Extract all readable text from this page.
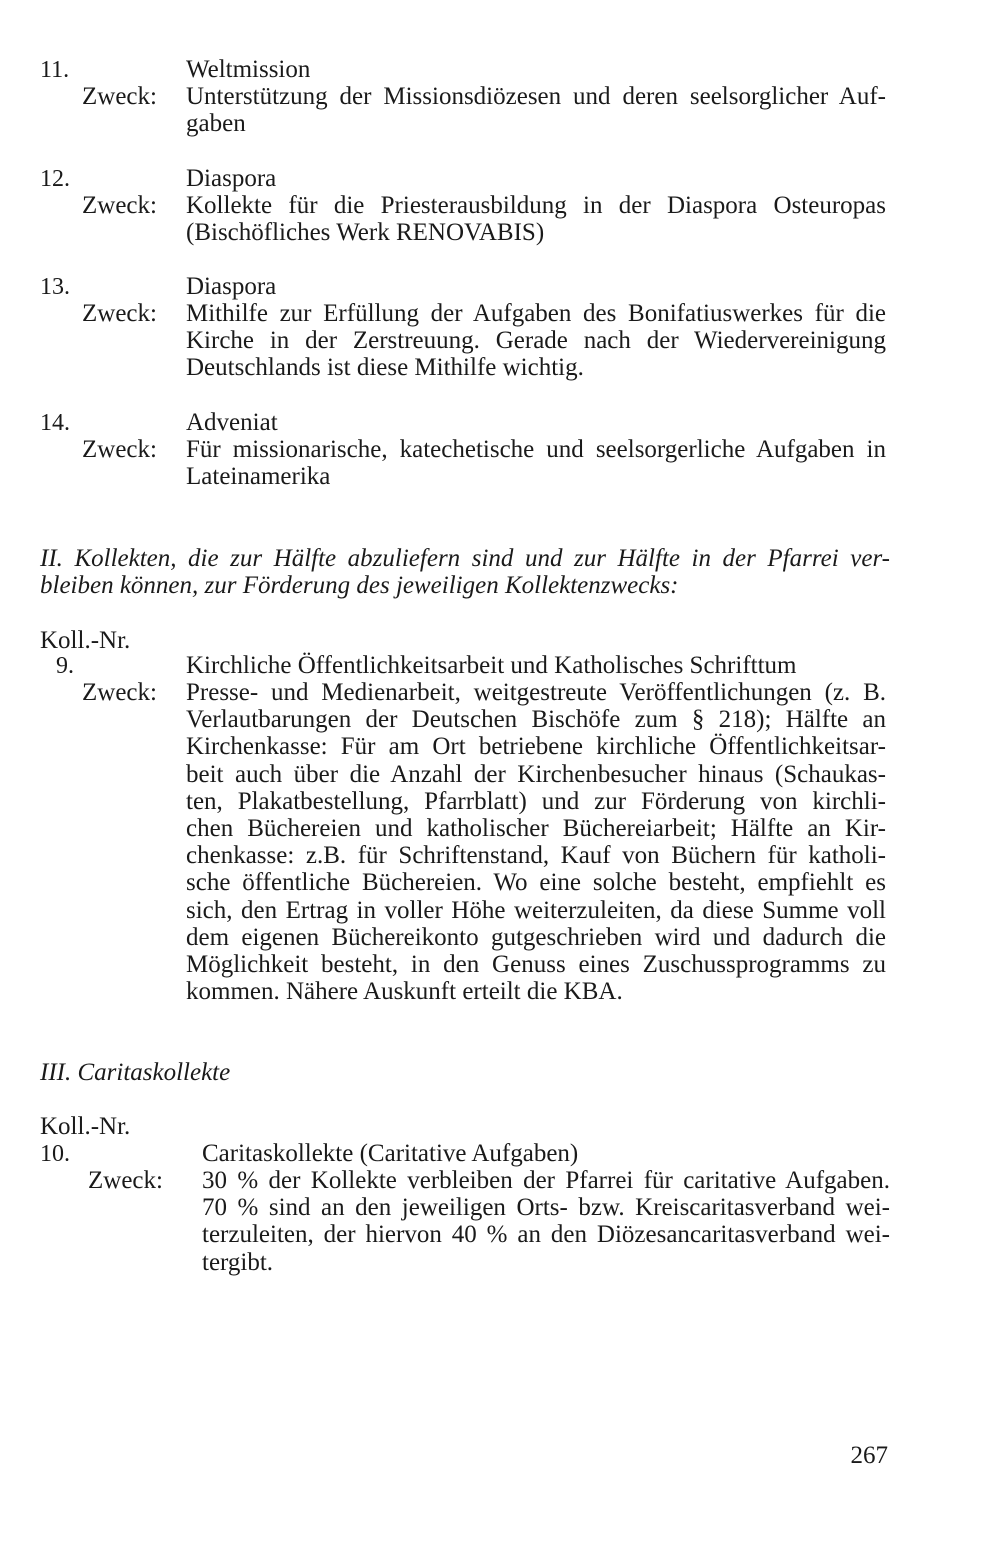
11.	Weltmission
Zweck: Unterstützung der Missionsdiözesen und deren seelsorglicher Auf-
gaben
12.	Diaspora
Zweck: Kollekte für die Priesterausbildung in der Diaspora Osteuropas
(Bischöfliches Werk RENOVABIS)
13.	Diaspora
Zweck: Mithilfe zur Erfüllung der Aufgaben des Bonifatiuswerkes für die
Kirche in der Zerstreuung. Gerade nach der Wiedervereinigung
Deutschlands ist diese Mithilfe wichtig.
14.	Adveniat
Zweck: Für missionarische, katechetische und seelsorgerliche Aufgaben in
Lateinamerika
II. Kollekten, die zur Hälfte abzuliefern sind und zur Hälfte in der Pfarrei ver-
bleiben können, zur Förderung des jeweiligen Kollektenzwecks:
Koll.-Nr.
9.	Kirchliche Öffentlichkeitsarbeit und Katholisches Schrifttum
Zweck: Presse- und Medienarbeit, weitgestreute Veröffentlichungen (z. B.
Verlautbarungen der Deutschen Bischöfe zum § 218); Hälfte an
Kirchenkasse: Für am Ort betriebene kirchliche Öffentlichkeitsar-
beit auch über die Anzahl der Kirchenbesucher hinaus (Schaukas-
ten, Plakatbestellung, Pfarrblatt) und zur Förderung von kirchli-
chen Büchereien und katholischer Büchereiarbeit; Hälfte an Kir-
chenkasse: z.B. für Schriftenstand, Kauf von Büchern für katholi-
sche öffentliche Büchereien. Wo eine solche besteht, empfiehlt es
sich, den Ertrag in voller Höhe weiterzuleiten, da diese Summe voll
dem eigenen Büchereikonto gutgeschrieben wird und dadurch die
Möglichkeit besteht, in den Genuss eines Zuschussprogramms zu
kommen. Nähere Auskunft erteilt die KBA.
III. Caritaskollekte
Koll.-Nr.
10.	Caritaskollekte (Caritative Aufgaben)
Zweck: 30 % der Kollekte verbleiben der Pfarrei für caritative Aufgaben.
70 % sind an den jeweiligen Orts- bzw. Kreiscaritasverband wei-
terzuleiten, der hiervon 40 % an den Diözesancaritasverband wei-
tergibt.
267
